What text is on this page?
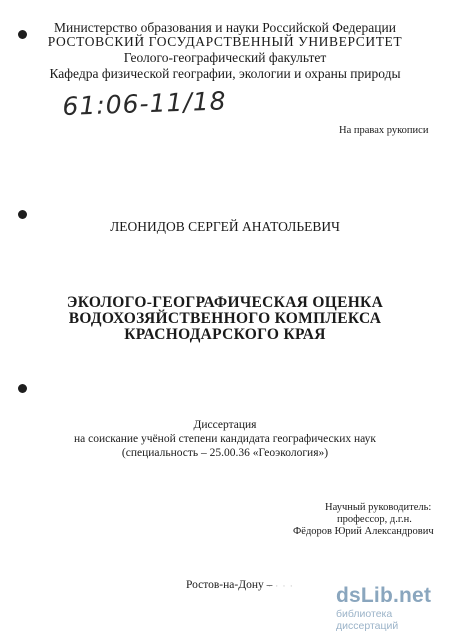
Министерство образования и науки Российской Федерации
РОСТОВСКИЙ ГОСУДАРСТВЕННЫЙ УНИВЕРСИТЕТ
Геолого-географический факультет
Кафедра физической географии, экологии и охраны природы
61:06-11/18
На правах рукописи
ЛЕОНИДОВ СЕРГЕЙ АНАТОЛЬЕВИЧ
ЭКОЛОГО-ГЕОГРАФИЧЕСКАЯ ОЦЕНКА
ВОДОХОЗЯЙСТВЕННОГО КОМПЛЕКСА
КРАСНОДАРСКОГО КРАЯ
Диссертация
на соискание учёной степени кандидата географических наук
(специальность – 25.00.36 «Геоэкология»)
Научный руководитель:
профессор, д.г.н.
Фёдоров Юрий Александрович
Ростов-на-Дону –
· · · · dsLib.net
библиотека диссертаций
